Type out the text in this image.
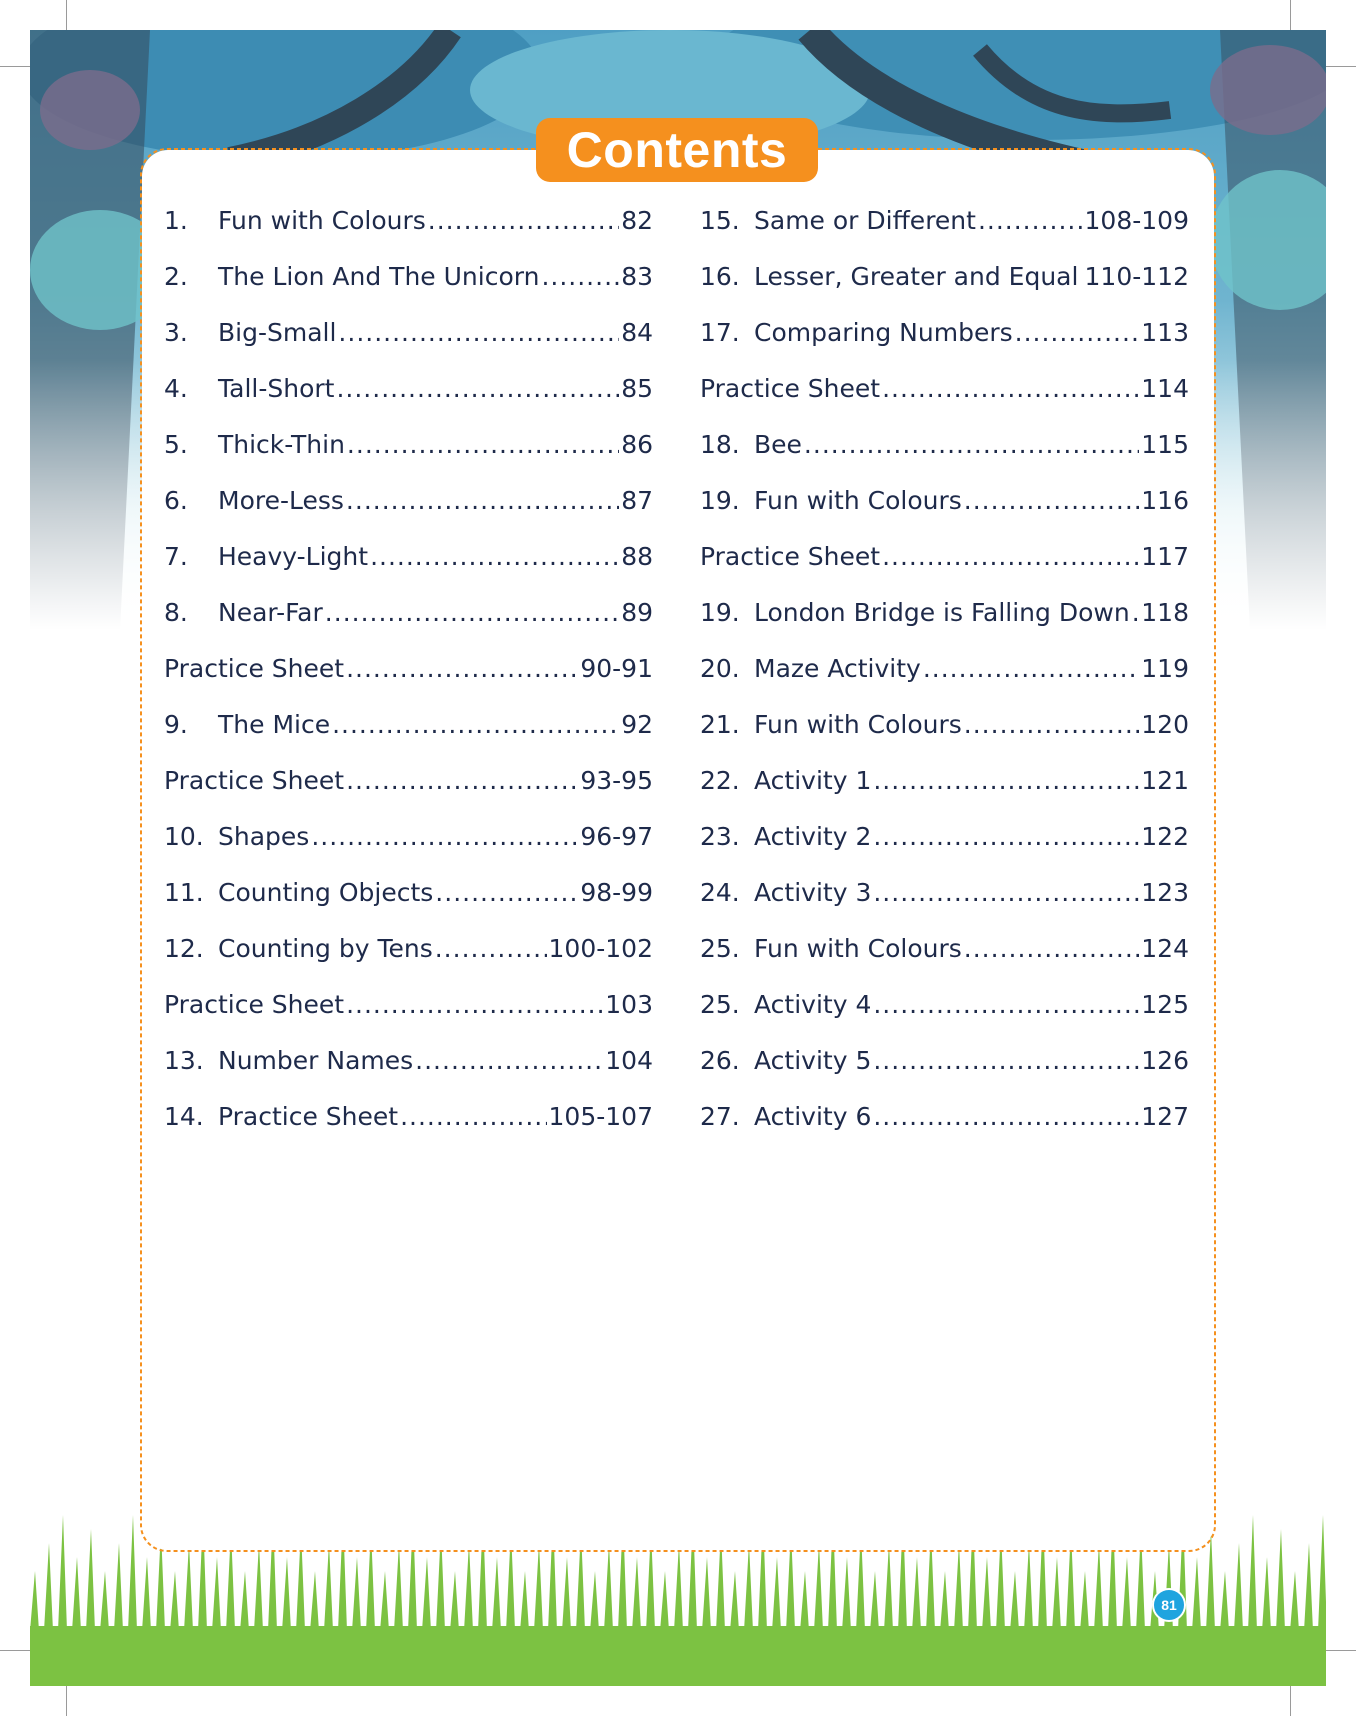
Contents
1.	Fun with Colours .....	82
2.	The Lion And The Unicorn .....	83
3.	Big-Small .....	84
4.	Tall-Short .....	85
5.	Thick-Thin .....	86
6.	More-Less .....	87
7.	Heavy-Light .....	88
8.	Near-Far .....	89
Practice Sheet .....	90-91
9.	The Mice .....	92
Practice Sheet .....	93-95
10. Shapes .....	96-97
11. Counting Objects .....	98-99
12. Counting by Tens .....	100-102
Practice Sheet .....	103
13. Number Names .....	104
14. Practice Sheet .....	105-107
15. Same or Different .....	108-109
16. Lesser, Greater and Equal ..... 110-112
17. Comparing Numbers .....	113
Practice Sheet .....	114
18. Bee .....	115
19. Fun with Colours .....	116
Practice Sheet .....	117
19. London Bridge is Falling Down ..... 118
20. Maze Activity .....	119
21. Fun with Colours .....	120
22. Activity 1 .....	121
23. Activity 2 .....	122
24. Activity 3 .....	123
25. Fun with Colours .....	124
25. Activity 4 .....	125
26. Activity 5 .....	126
27. Activity 6 .....	127
81
